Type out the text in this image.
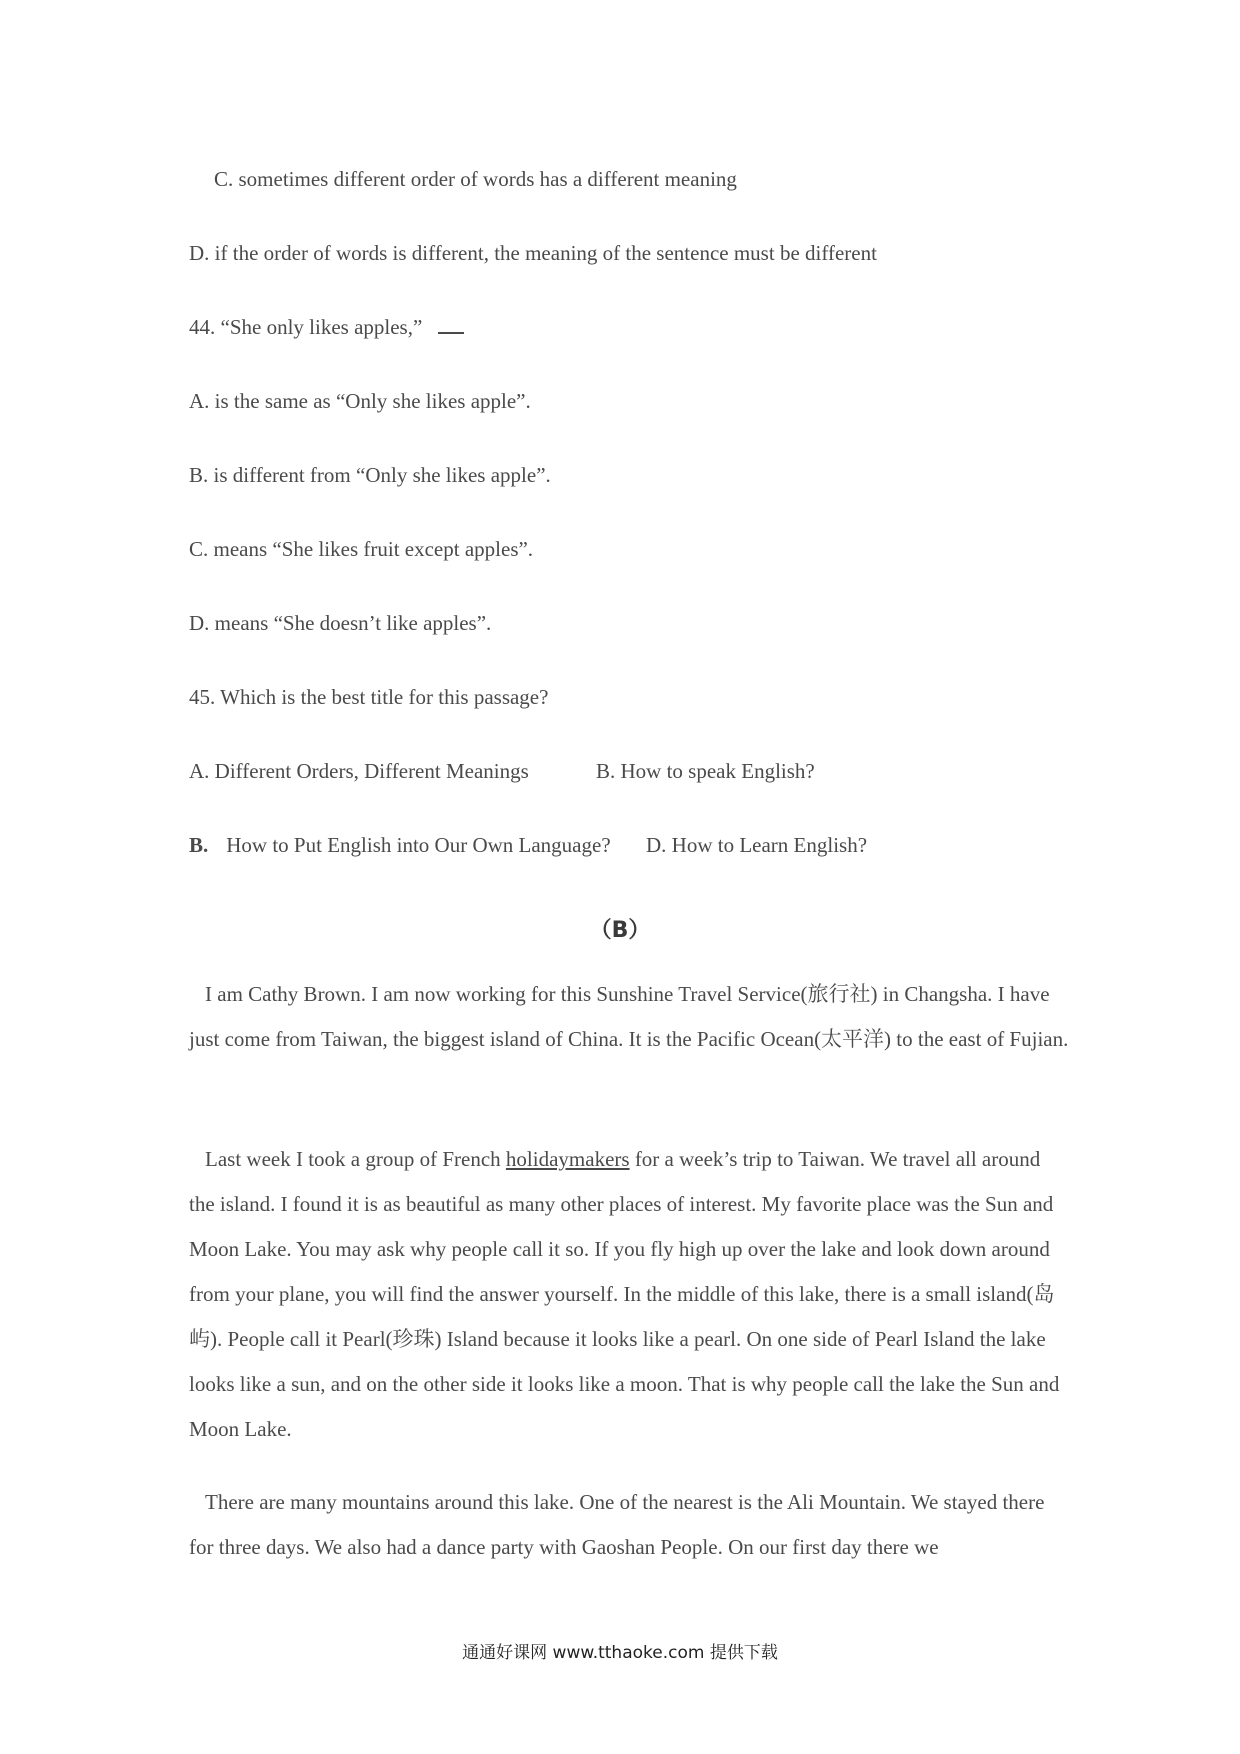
C. sometimes different order of words has a different meaning
D. if the order of words is different, the meaning of the sentence must be different
44. “She only likes apples,”
A. is the same as “Only she likes apple”.
B. is different from “Only she likes apple”.
C. means “She likes fruit except apples”.
D. means “She doesn’t like apples”.
45. Which is the best title for this passage?
A. Different Orders, Different Meanings	B. How to speak English?
B. How to Put English into Our Own Language? D. How to Learn English?
（B）
I am Cathy Brown. I am now working for this Sunshine Travel Service(旅行社) in Changsha. I have just come from Taiwan, the biggest island of China. It is the Pacific Ocean(太平洋) to the east of Fujian.
Last week I took a group of French holidaymakers for a week’s trip to Taiwan. We travel all around the island. I found it is as beautiful as many other places of interest. My favorite place was the Sun and Moon Lake. You may ask why people call it so. If you fly high up over the lake and look down around from your plane, you will find the answer yourself. In the middle of this lake, there is a small island(岛屿). People call it Pearl(珍珠) Island because it looks like a pearl. On one side of Pearl Island the lake looks like a sun, and on the other side it looks like a moon. That is why people call the lake the Sun and Moon Lake.
There are many mountains around this lake. One of the nearest is the Ali Mountain. We stayed there for three days. We also had a dance party with Gaoshan People. On our first day there we
通通好课网 www.tthaoke.com 提供下载
